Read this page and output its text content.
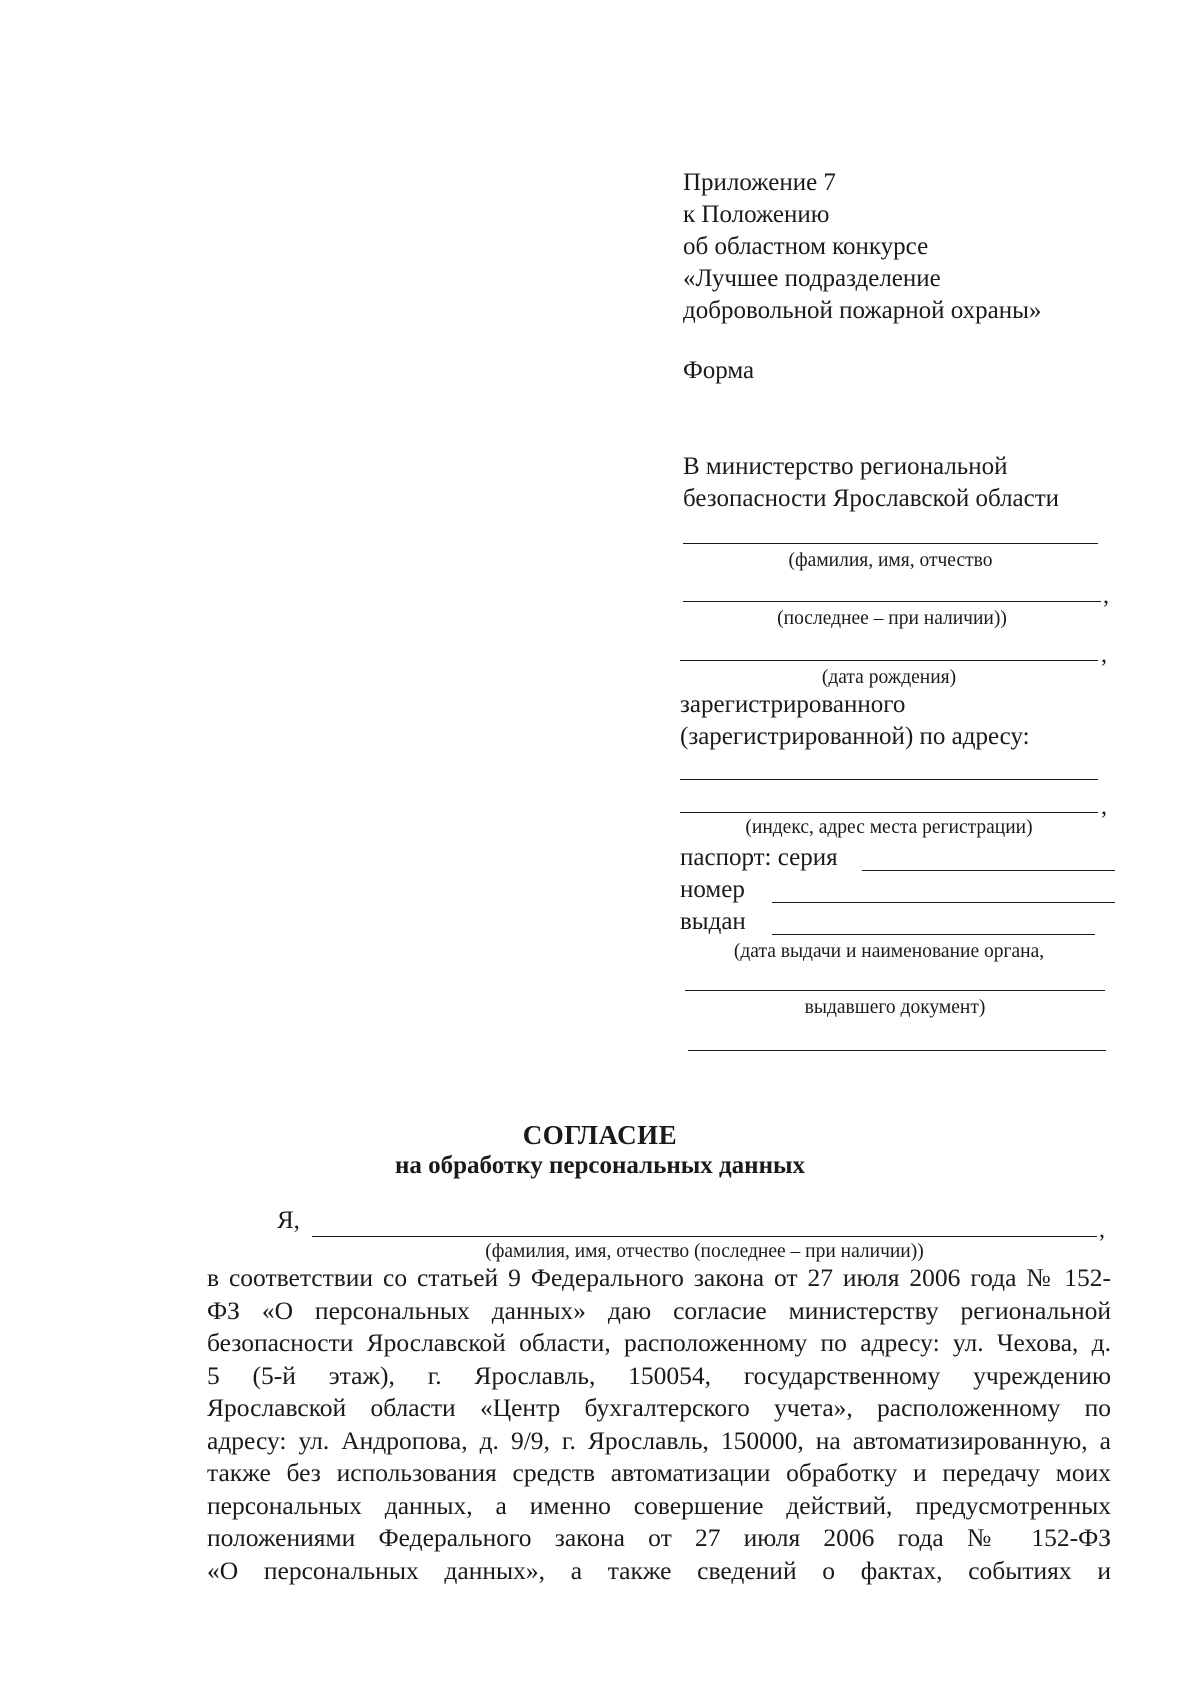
Приложение 7
к Положению
об областном конкурсе
«Лучшее подразделение
добровольной пожарной охраны»
Форма
В министерство региональной
безопасности Ярославской области
(фамилия, имя, отчество
,
(последнее – при наличии))
,
(дата рождения)
зарегистрированного
(зарегистрированной) по адресу:
,
(индекс, адрес места регистрации)
паспорт: серия
номер
выдан
(дата выдачи и наименование органа,
выдавшего документ)
СОГЛАСИЕ
на обработку персональных данных
Я,	,
(фамилия, имя, отчество (последнее – при наличии))
в соответствии со статьей 9 Федерального закона от 27 июля 2006 года № 152-
ФЗ «О персональных данных» даю согласие министерству региональной
безопасности Ярославской области, расположенному по адресу: ул. Чехова, д.
5 (5-й этаж), г. Ярославль, 150054, государственному учреждению
Ярославской области «Центр бухгалтерского учета», расположенному по
адресу: ул. Андропова, д. 9/9, г. Ярославль, 150000, на автоматизированную, а
также без использования средств автоматизации обработку и передачу моих
персональных данных, а именно совершение действий, предусмотренных
положениями Федерального закона от 27 июля 2006 года № 152-ФЗ
«О персональных данных», а также сведений о фактах, событиях и
